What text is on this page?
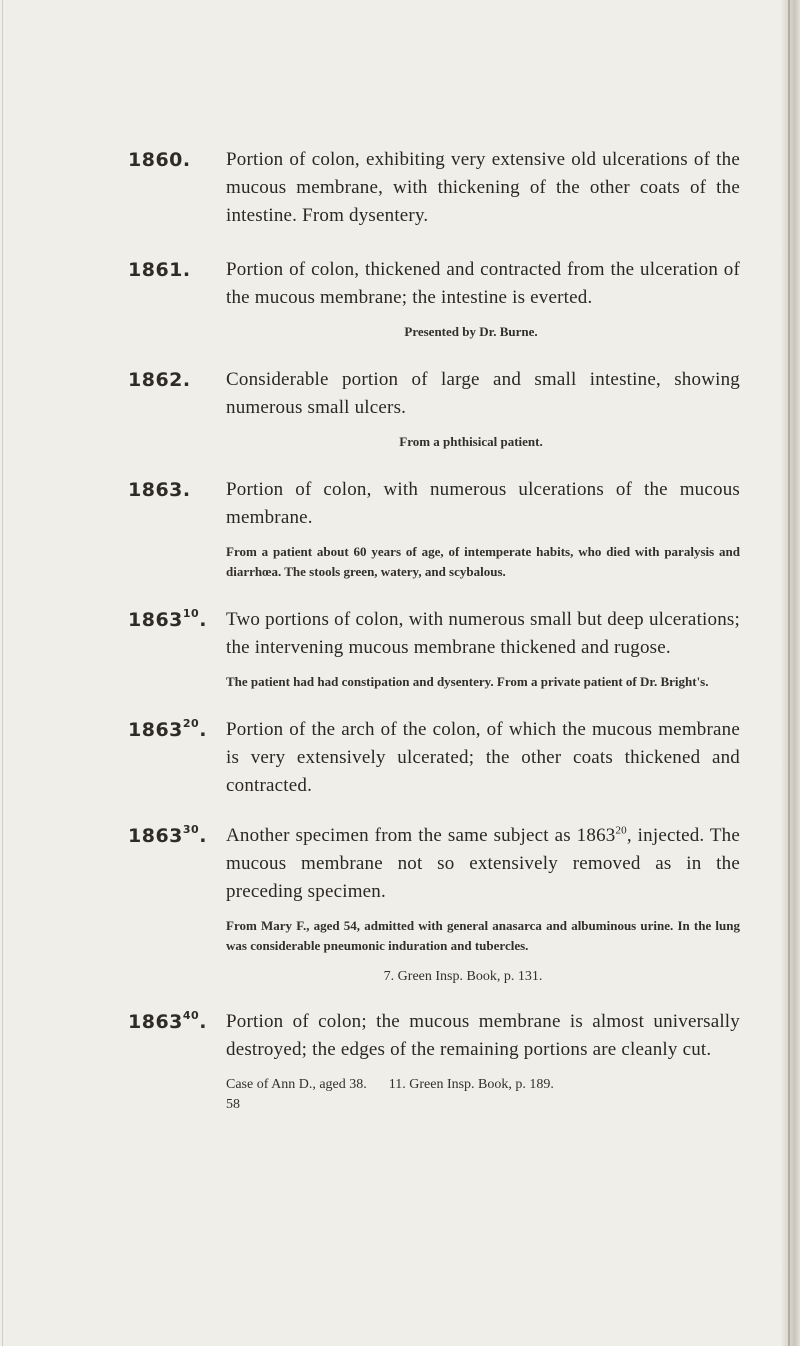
1860. Portion of colon, exhibiting very extensive old ulcerations of the mucous membrane, with thickening of the other coats of the intestine. From dysentery.

1861. Portion of colon, thickened and contracted from the ulceration of the mucous membrane; the intestine is everted.

Presented by Dr. Burne.

1862. Considerable portion of large and small intestine, showing numerous small ulcers.

From a phthisical patient.

1863. Portion of colon, with numerous ulcerations of the mucous membrane.

From a patient about 60 years of age, of intemperate habits, who died with paralysis and diarrhœa. The stools green, watery, and scybalous.

1863$^{10}$. Two portions of colon, with numerous small but deep ulcerations; the intervening mucous membrane thickened and rugose.

The patient had had constipation and dysentery. From a private patient of Dr. Bright's.

1863$^{20}$. Portion of the arch of the colon, of which the mucous membrane is very extensively ulcerated; the other coats thickened and contracted.

1863$^{30}$. Another specimen from the same subject as 1863$^{20}$, injected. The mucous membrane not so extensively removed as in the preceding specimen.

From Mary F., aged 54, admitted with general anasarca and albuminous urine. In the lung was considerable pneumonic induration and tubercles.

7. Green Insp. Book, p. 131.

1863$^{40}$. Portion of colon; the mucous membrane is almost universally destroyed; the edges of the remaining portions are cleanly cut.

Case of Ann D., aged 38. 11. Green Insp. Book, p. 189.

58
